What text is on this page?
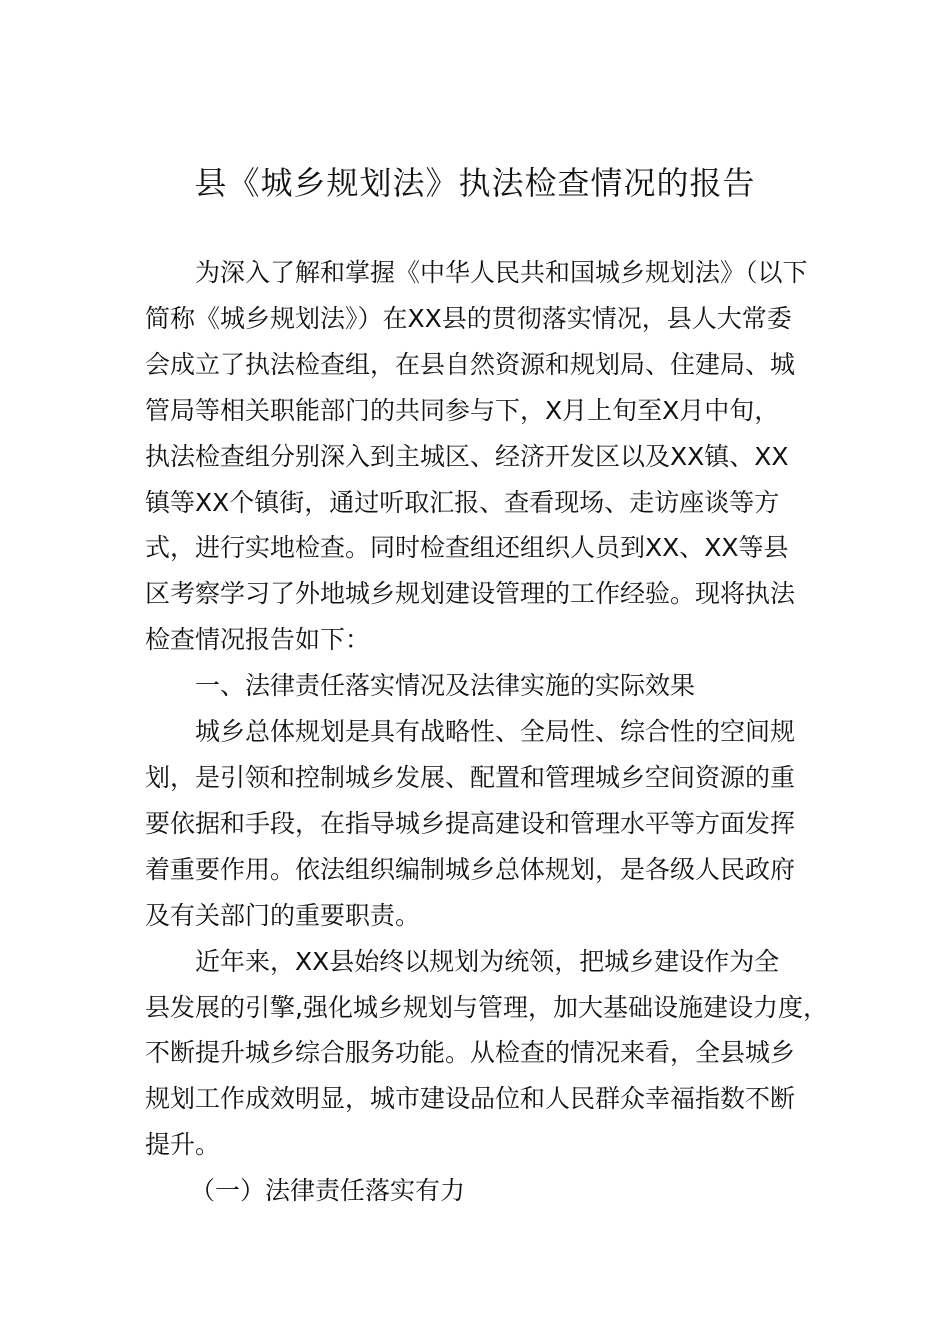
县《城乡规划法》执法检查情况的报告

为深入了解和掌握《中华人民共和国城乡规划法》（以下
简称《城乡规划法》）在XX县的贯彻落实情况，县人大常委
会成立了执法检查组，在县自然资源和规划局、住建局、城
管局等相关职能部门的共同参与下，X月上旬至X月中旬，
执法检查组分别深入到主城区、经济开发区以及XX镇、XX
镇等XX个镇街，通过听取汇报、查看现场、走访座谈等方
式，进行实地检查。同时检查组还组织人员到XX、XX等县
区考察学习了外地城乡规划建设管理的工作经验。现将执法
检查情况报告如下：

一、法律责任落实情况及法律实施的实际效果

城乡总体规划是具有战略性、全局性、综合性的空间规
划，是引领和控制城乡发展、配置和管理城乡空间资源的重
要依据和手段，在指导城乡提高建设和管理水平等方面发挥
着重要作用。依法组织编制城乡总体规划，是各级人民政府
及有关部门的重要职责。

近年来，XX县始终以规划为统领，把城乡建设作为全
县发展的引擎,强化城乡规划与管理，加大基础设施建设力度，
不断提升城乡综合服务功能。从检查的情况来看，全县城乡
规划工作成效明显，城市建设品位和人民群众幸福指数不断
提升。

（一）法律责任落实有力
